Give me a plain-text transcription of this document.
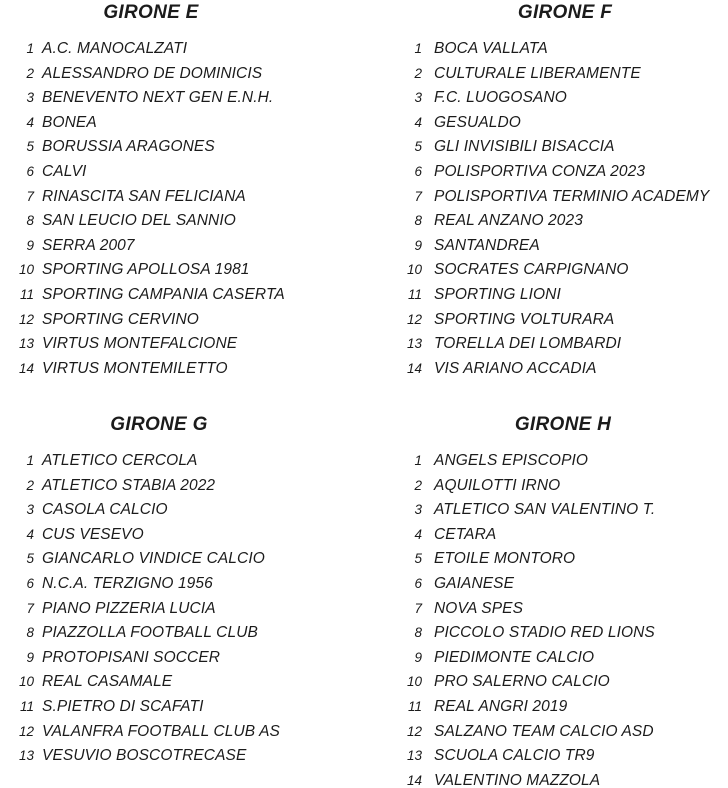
GIRONE E
1 A.C. MANOCALZATI
2 ALESSANDRO DE DOMINICIS
3 BENEVENTO NEXT GEN E.N.H.
4 BONEA
5 BORUSSIA ARAGONES
6 CALVI
7 RINASCITA SAN FELICIANA
8 SAN LEUCIO DEL SANNIO
9 SERRA 2007
10 SPORTING APOLLOSA 1981
11 SPORTING CAMPANIA CASERTA
12 SPORTING CERVINO
13 VIRTUS MONTEFALCIONE
14 VIRTUS MONTEMILETTO
GIRONE F
1 BOCA VALLATA
2 CULTURALE LIBERAMENTE
3 F.C. LUOGOSANO
4 GESUALDO
5 GLI INVISIBILI BISACCIA
6 POLISPORTIVA CONZA 2023
7 POLISPORTIVA TERMINIO ACADEMY
8 REAL ANZANO 2023
9 SANTANDREA
10 SOCRATES CARPIGNANO
11 SPORTING LIONI
12 SPORTING VOLTURARA
13 TORELLA DEI LOMBARDI
14 VIS ARIANO ACCADIA
GIRONE G
1 ATLETICO CERCOLA
2 ATLETICO STABIA 2022
3 CASOLA CALCIO
4 CUS VESEVO
5 GIANCARLO VINDICE CALCIO
6 N.C.A. TERZIGNO 1956
7 PIANO PIZZERIA LUCIA
8 PIAZZOLLA FOOTBALL CLUB
9 PROTOPISANI SOCCER
10 REAL CASAMALE
11 S.PIETRO DI SCAFATI
12 VALANFRA FOOTBALL CLUB AS
13 VESUVIO BOSCOTRECASE
GIRONE H
1 ANGELS EPISCOPIO
2 AQUILOTTI IRNO
3 ATLETICO SAN VALENTINO T.
4 CETARA
5 ETOILE MONTORO
6 GAIANESE
7 NOVA SPES
8 PICCOLO STADIO RED LIONS
9 PIEDIMONTE CALCIO
10 PRO SALERNO CALCIO
11 REAL ANGRI 2019
12 SALZANO TEAM CALCIO ASD
13 SCUOLA CALCIO TR9
14 VALENTINO MAZZOLA
